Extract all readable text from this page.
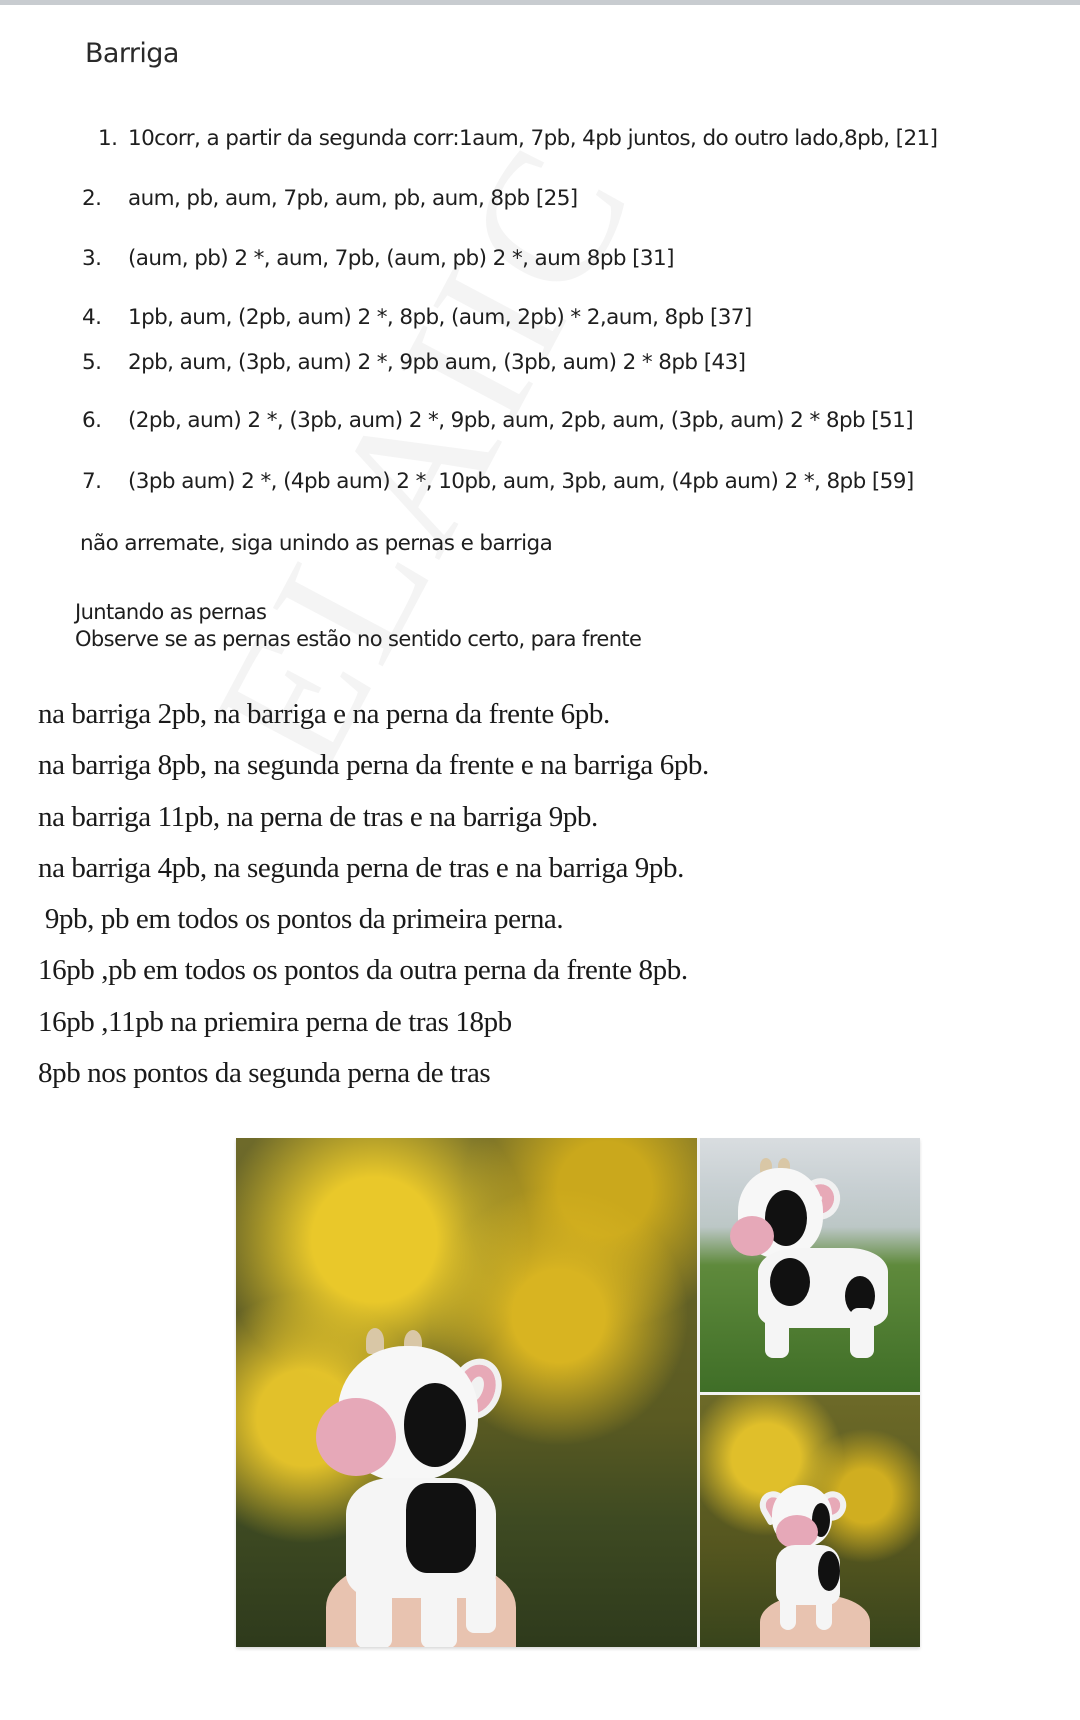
Barriga
1. 10corr, a partir da segunda corr:1aum, 7pb, 4pb juntos, do outro lado,8pb, [21]
2. aum, pb, aum, 7pb, aum, pb, aum, 8pb [25]
3. (aum, pb) 2 *, aum, 7pb, (aum, pb) 2 *, aum 8pb [31]
4. 1pb, aum, (2pb, aum) 2 *, 8pb, (aum, 2pb) * 2,aum, 8pb [37]
5. 2pb, aum, (3pb, aum) 2 *, 9pb aum, (3pb, aum) 2 * 8pb [43]
6. (2pb, aum) 2 *, (3pb, aum) 2 *, 9pb, aum, 2pb, aum, (3pb, aum) 2 * 8pb [51]
7. (3pb aum) 2 *, (4pb aum) 2 *, 10pb, aum, 3pb, aum, (4pb aum) 2 *, 8pb [59]
não arremate, siga unindo as pernas e barriga
Juntando as pernas
Observe se as pernas estão no sentido certo, para frente
na barriga 2pb, na barriga e na perna da frente 6pb.
na barriga 8pb, na segunda perna da frente e na barriga 6pb.
na barriga 11pb, na perna de tras e na barriga 9pb.
na barriga 4pb, na segunda perna de tras e na barriga 9pb.
9pb, pb em todos os pontos da primeira perna.
16pb ,pb em todos os pontos da outra perna da frente 8pb.
16pb ,11pb na priemira perna de tras 18pb
8pb nos pontos da segunda perna de tras
